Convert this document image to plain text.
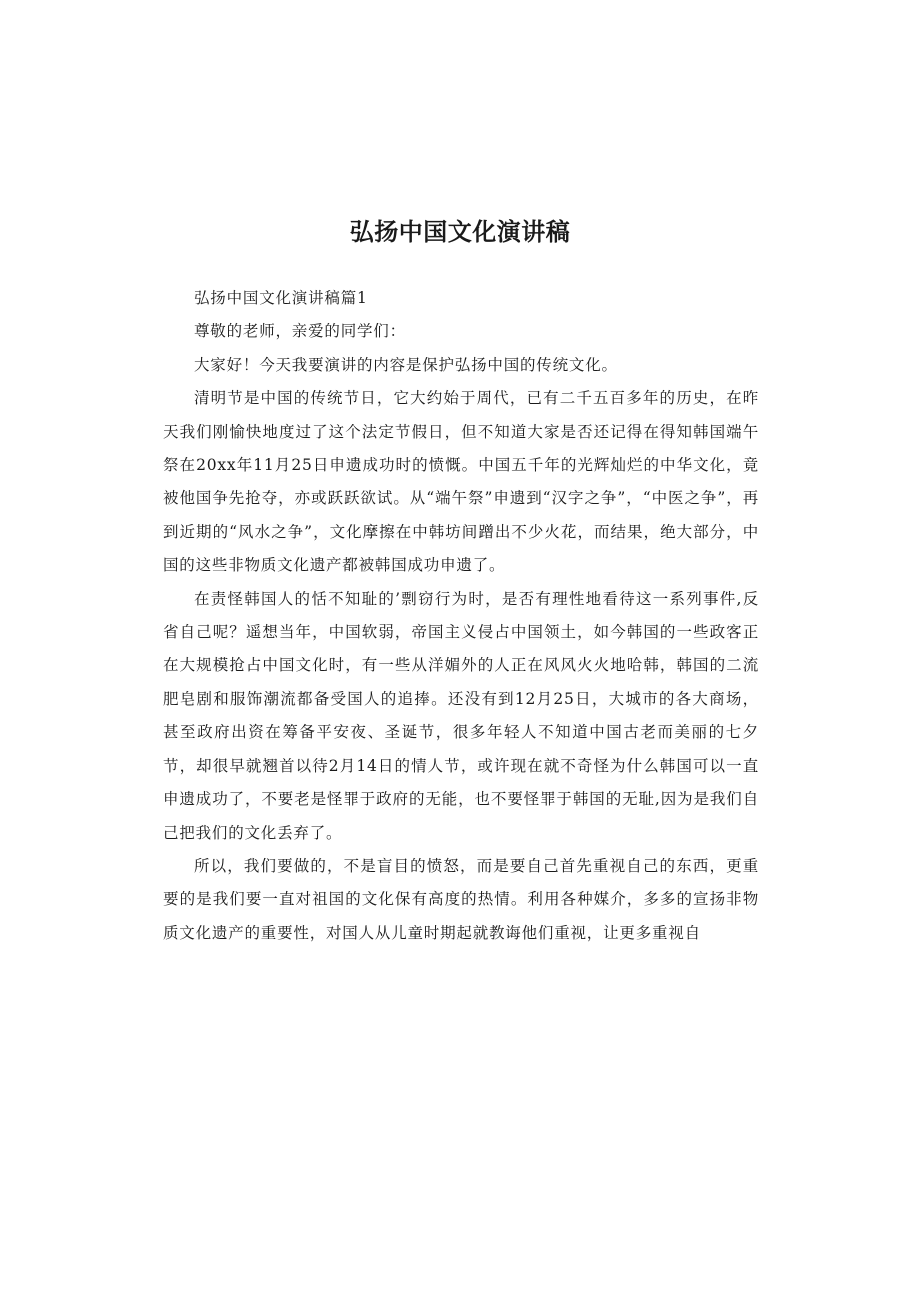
弘扬中国文化演讲稿

弘扬中国文化演讲稿篇1

尊敬的老师，亲爱的同学们：

大家好！今天我要演讲的内容是保护弘扬中国的传统文化。

清明节是中国的传统节日，它大约始于周代，已有二千五百多年的历史，在昨天我们刚愉快地度过了这个法定节假日，但不知道大家是否还记得在得知韩国端午祭在20xx年11月25日申遗成功时的愤慨。中国五千年的光辉灿烂的中华文化，竟被他国争先抢夺，亦或跃跃欲试。从“端午祭”申遗到“汉字之争”，“中医之争”，再到近期的“风水之争”，文化摩擦在中韩坊间蹭出不少火花，而结果，绝大部分，中国的这些非物质文化遗产都被韩国成功申遗了。

在责怪韩国人的恬不知耻的’剽窃行为时，是否有理性地看待这一系列事件,反省自己呢？遥想当年，中国软弱，帝国主义侵占中国领土，如今韩国的一些政客正在大规模抢占中国文化时，有一些从洋媚外的人正在风风火火地哈韩，韩国的二流肥皂剧和服饰潮流都备受国人的追捧。还没有到12月25日，大城市的各大商场，甚至政府出资在筹备平安夜、圣诞节，很多年轻人不知道中国古老而美丽的七夕节，却很早就翘首以待2月14日的情人节，或许现在就不奇怪为什么韩国可以一直申遗成功了，不要老是怪罪于政府的无能，也不要怪罪于韩国的无耻,因为是我们自己把我们的文化丢弃了。

所以，我们要做的，不是盲目的愤怒，而是要自己首先重视自己的东西，更重要的是我们要一直对祖国的文化保有高度的热情。利用各种媒介，多多的宣扬非物质文化遗产的重要性，对国人从儿童时期起就教诲他们重视，让更多重视自
